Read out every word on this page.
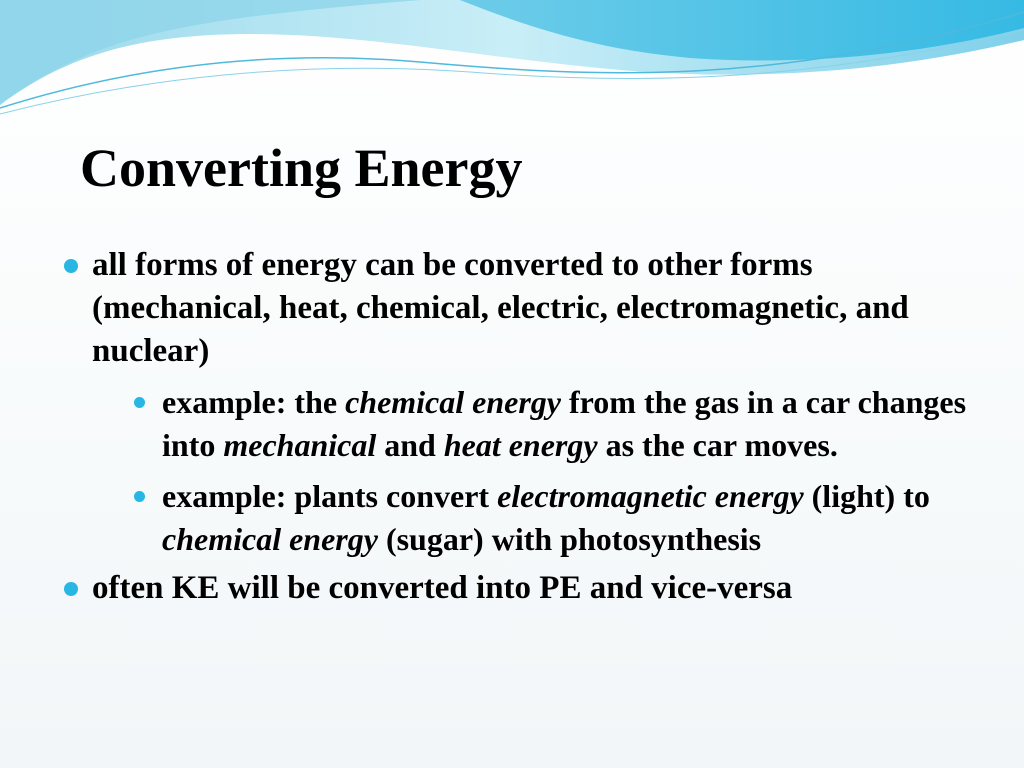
Converting Energy
all forms of energy can be converted to other forms (mechanical, heat, chemical, electric, electromagnetic, and nuclear)
example: the chemical energy from the gas in a car changes into mechanical and heat energy as the car moves.
example: plants convert electromagnetic energy (light) to chemical energy (sugar) with photosynthesis
often KE will be converted into PE and vice-versa
